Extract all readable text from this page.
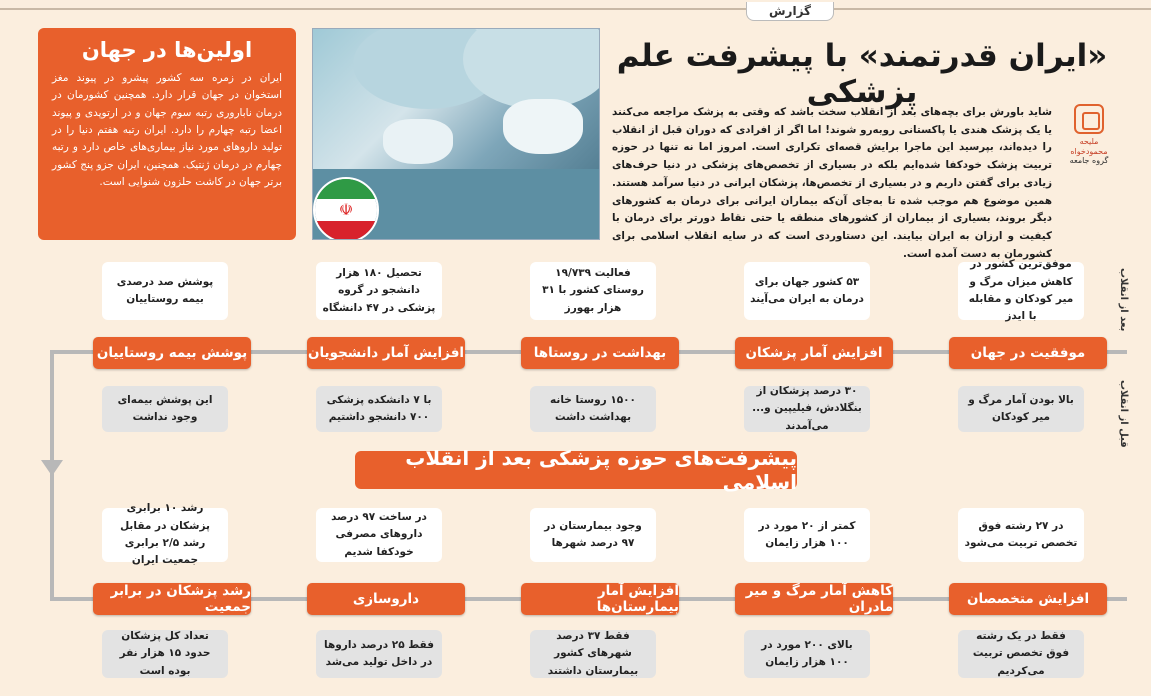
گزارش
اولین‌ها در جهان
ایران در زمره سه کشور پیشرو در پیوند مغز استخوان در جهان قرار دارد. همچنین کشورمان در درمان ناباروری رتبه سوم جهان و در ارتوپدی و پیوند اعضا رتبه چهارم را دارد. ایران رتبه هفتم دنیا را در تولید داروهای مورد نیاز بیماری‌های خاص دارد و رتبه چهارم در درمان ژنتیک. همچنین، ایران جزو پنج کشور برتر جهان در کاشت حلزون شنوایی است.
☫
«ایران قدرتمند» با پیشرفت علم پزشکی
ملیحه محمودخواه
گروه جامعه
شاید باورش برای بچه‌های بعد از انقلاب سخت باشد که وقتی به پزشک مراجعه می‌کنند یا یک پزشک هندی یا پاکستانی روبه‌رو شوند! اما اگر از افرادی که دوران قبل از انقلاب را دیده‌اند، بپرسید این ماجرا برایش قصه‌ای تکراری است. امروز اما نه تنها در حوزه تربیت پزشک خودکفا شده‌ایم بلکه در بسیاری از تخصص‌های پزشکی در دنیا حرف‌های زیادی برای گفتن داریم و در بسیاری از تخصص‌ها، پزشکان ایرانی در دنیا سرآمد هستند. همین موضوع هم موجب شده تا به‌جای آن‌که بیماران ایرانی برای درمان به کشورهای دیگر بروند، بسیاری از بیماران از کشورهای منطقه یا حتی نقاط دورتر برای درمان با کیفیت و ارزان به ایران بیایند. این دستاوردی است که در سایه انقلاب اسلامی برای کشورمان به دست آمده است.
بعد از انقلاب
قبل از انقلاب
موفق‌ترین کشور در کاهش میزان مرگ و میر کودکان و مقابله با ایدز
موفقیت در جهان
بالا بودن آمار مرگ و میر کودکان
۵۳ کشور جهان برای درمان به ایران می‌آیند
افزایش آمار پزشکان
۳۰ درصد پزشکان از بنگلادش، فیلیپین و... می‌آمدند
فعالیت ۱۹/۷۳۹ روستای کشور با ۳۱ هزار بهورز
بهداشت در روستاها
۱۵۰۰ روستا خانه بهداشت داشت
تحصیل ۱۸۰ هزار دانشجو در گروه پزشکی در ۴۷ دانشگاه
افزایش آمار دانشجویان
با ۷ دانشکده پزشکی ۷۰۰ دانشجو داشتیم
پوشش صد درصدی بیمه روستاییان
پوشش بیمه روستاییان
این پوشش بیمه‌ای وجود نداشت
پیشرفت‌های حوزه پزشکی بعد از انقلاب اسلامی
در ۲۷ رشته فوق تخصص تربیت می‌شود
افزایش متخصصان
فقط در یک رشته فوق تخصص تربیت می‌کردیم
کمتر از ۲۰ مورد در ۱۰۰ هزار زایمان
کاهش آمار مرگ و میر مادران
بالای ۲۰۰ مورد در ۱۰۰ هزار زایمان
وجود بیمارستان در ۹۷ درصد شهرها
افزایش آمار بیمارستان‌ها
فقط ۳۷ درصد شهرهای کشور بیمارستان داشتند
در ساخت ۹۷ درصد داروهای مصرفی خودکفا شدیم
داروسازی
فقط ۲۵ درصد داروها در داخل تولید می‌شد
رشد ۱۰ برابری پزشکان در مقابل رشد ۲/۵ برابری جمعیت ایران
رشد پزشکان در برابر جمعیت
تعداد کل پزشکان حدود ۱۵ هزار نفر بوده است
